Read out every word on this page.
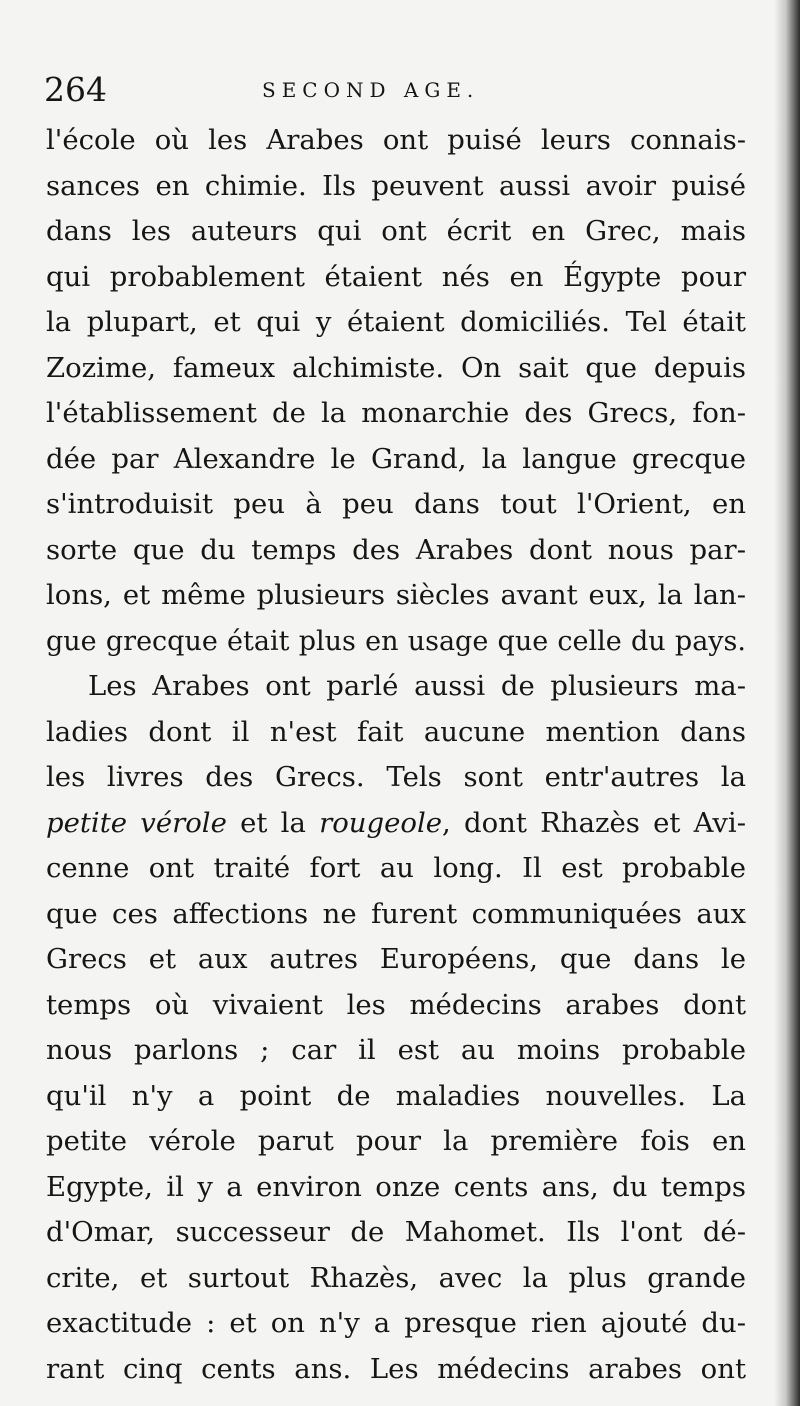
264	SECOND AGE.
l'école où les Arabes ont puisé leurs connais-
sances en chimie. Ils peuvent aussi avoir puisé
dans les auteurs qui ont écrit en Grec, mais
qui probablement étaient nés en Égypte pour
la plupart, et qui y étaient domiciliés. Tel était
Zozime, fameux alchimiste. On sait que depuis
l'établissement de la monarchie des Grecs, fon-
dée par Alexandre le Grand, la langue grecque
s'introduisit peu à peu dans tout l'Orient, en
sorte que du temps des Arabes dont nous par-
lons, et même plusieurs siècles avant eux, la lan-
gue grecque était plus en usage que celle du pays.
Les Arabes ont parlé aussi de plusieurs ma-
ladies dont il n'est fait aucune mention dans
les livres des Grecs. Tels sont entr'autres la
petite vérole et la rougeole, dont Rhazès et Avi-
cenne ont traité fort au long. Il est probable
que ces affections ne furent communiquées aux
Grecs et aux autres Européens, que dans le
temps où vivaient les médecins arabes dont
nous parlons ; car il est au moins probable
qu'il n'y a point de maladies nouvelles. La
petite vérole parut pour la première fois en
Egypte, il y a environ onze cents ans, du temps
d'Omar, successeur de Mahomet. Ils l'ont dé-
crite, et surtout Rhazès, avec la plus grande
exactitude : et on n'y a presque rien ajouté du-
rant cinq cents ans. Les médecins arabes ont
